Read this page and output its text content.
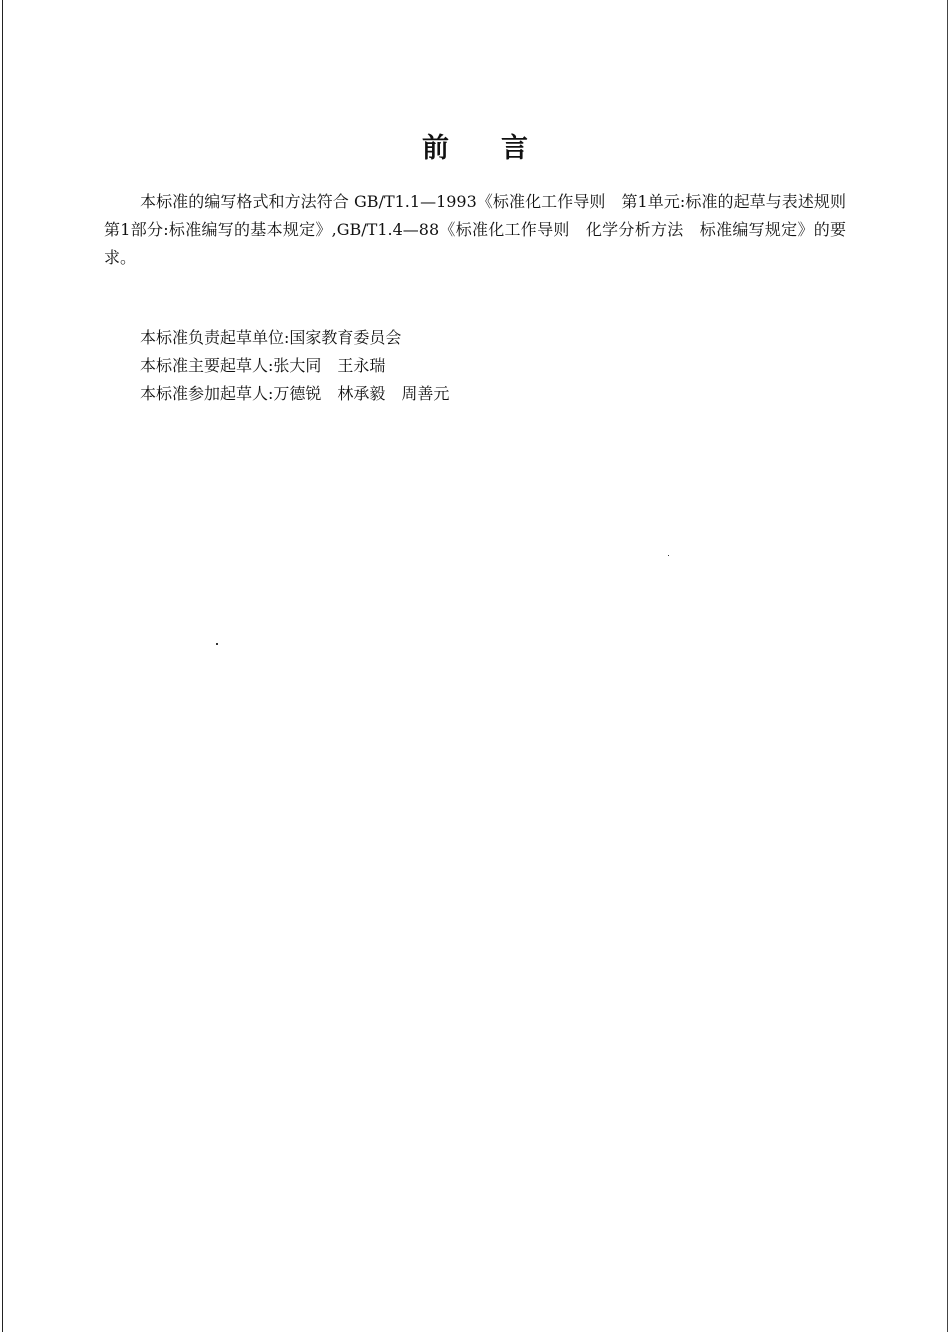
前言
本标准的编写格式和方法符合 GB/T1.1—1993《标准化工作导则　第1单元:标准的起草与表述规则　第1部分:标准编写的基本规定》,GB/T1.4—88《标准化工作导则　化学分析方法　标准编写规定》的要求。
本标准负责起草单位:国家教育委员会
本标准主要起草人:张大同　王永瑞
本标准参加起草人:万德锐　林承毅　周善元
